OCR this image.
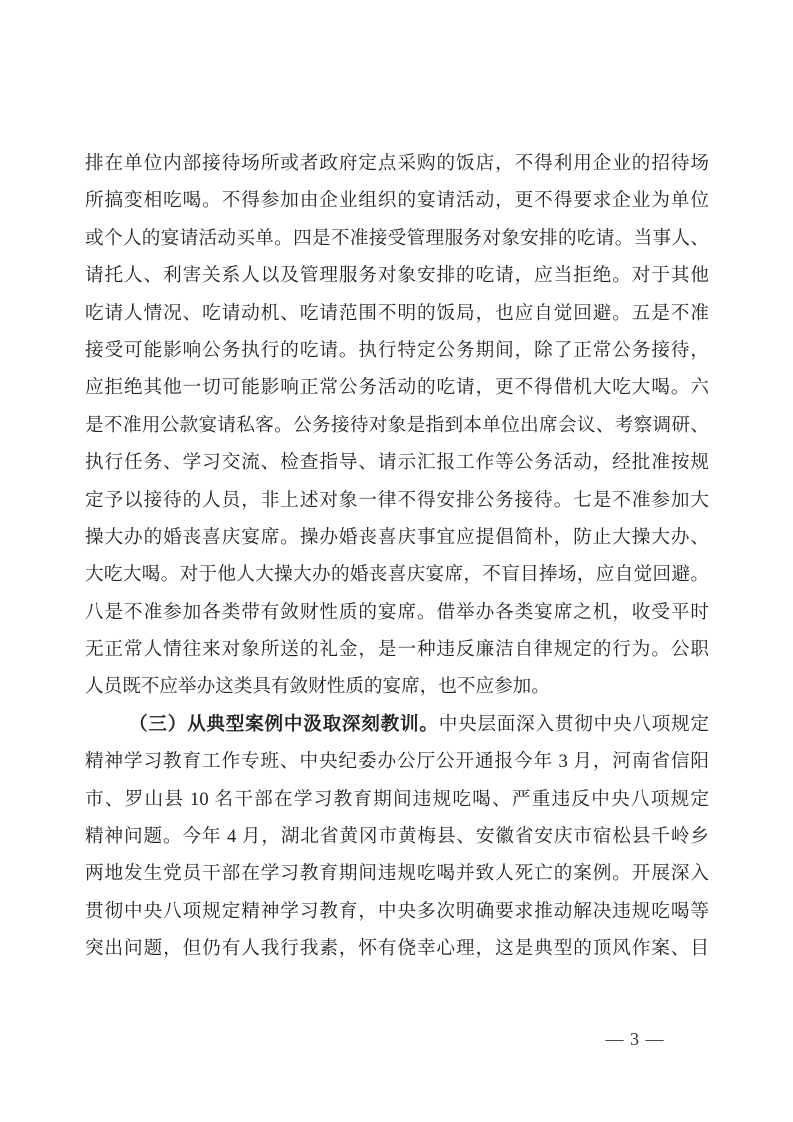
排在单位内部接待场所或者政府定点采购的饭店，不得利用企业的招待场
所搞变相吃喝。不得参加由企业组织的宴请活动，更不得要求企业为单位
或个人的宴请活动买单。四是不准接受管理服务对象安排的吃请。当事人、
请托人、利害关系人以及管理服务对象安排的吃请，应当拒绝。对于其他
吃请人情况、吃请动机、吃请范围不明的饭局，也应自觉回避。五是不准
接受可能影响公务执行的吃请。执行特定公务期间，除了正常公务接待，
应拒绝其他一切可能影响正常公务活动的吃请，更不得借机大吃大喝。六
是不准用公款宴请私客。公务接待对象是指到本单位出席会议、考察调研、
执行任务、学习交流、检查指导、请示汇报工作等公务活动，经批准按规
定予以接待的人员，非上述对象一律不得安排公务接待。七是不准参加大
操大办的婚丧喜庆宴席。操办婚丧喜庆事宜应提倡简朴，防止大操大办、
大吃大喝。对于他人大操大办的婚丧喜庆宴席，不盲目捧场，应自觉回避。
八是不准参加各类带有敛财性质的宴席。借举办各类宴席之机，收受平时
无正常人情往来对象所送的礼金，是一种违反廉洁自律规定的行为。公职
人员既不应举办这类具有敛财性质的宴席，也不应参加。
（三）从典型案例中汲取深刻教训。中央层面深入贯彻中央八项规定
精神学习教育工作专班、中央纪委办公厅公开通报今年 3 月，河南省信阳
市、罗山县 10 名干部在学习教育期间违规吃喝、严重违反中央八项规定
精神问题。今年 4 月，湖北省黄冈市黄梅县、安徽省安庆市宿松县千岭乡
两地发生党员干部在学习教育期间违规吃喝并致人死亡的案例。开展深入
贯彻中央八项规定精神学习教育，中央多次明确要求推动解决违规吃喝等
突出问题，但仍有人我行我素，怀有侥幸心理，这是典型的顶风作案、目
— 3 —
